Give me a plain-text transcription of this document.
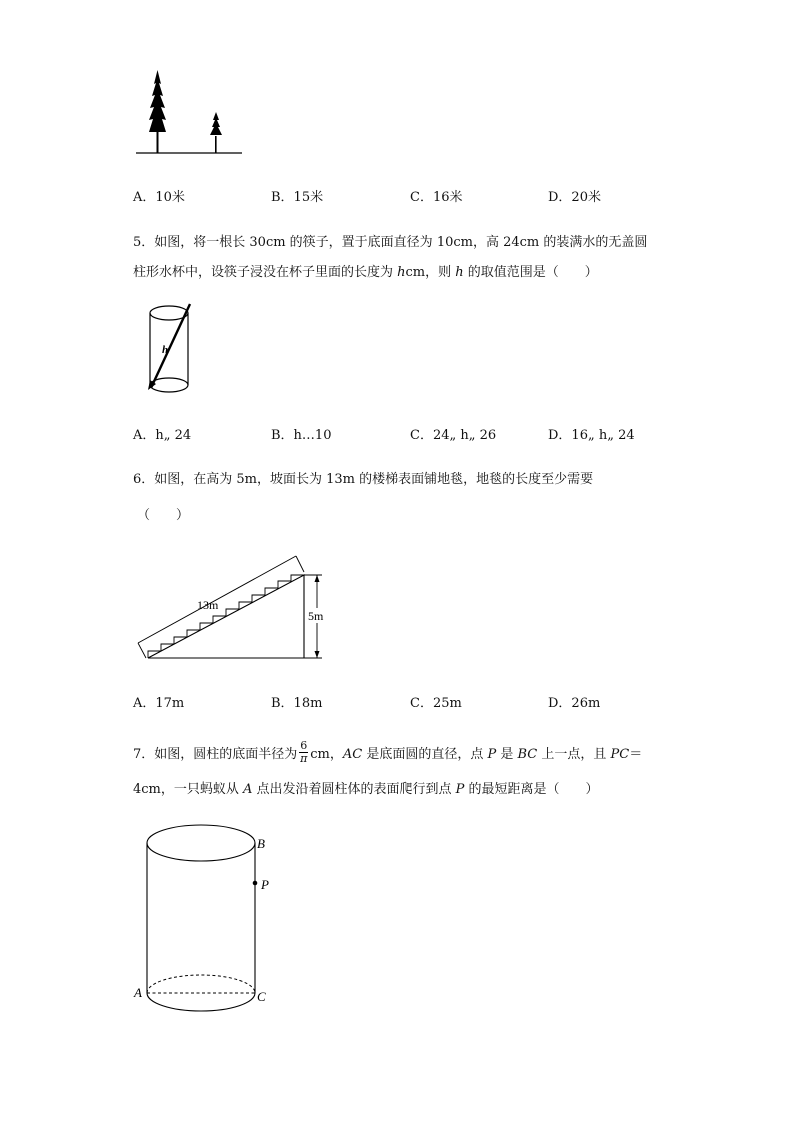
A．10米	B．15米	C．16米	D．20米
5．如图，将一根长 30cm 的筷子，置于底面直径为 10cm，高 24cm 的装满水的无盖圆
柱形水杯中，设筷子浸没在杯子里面的长度为 hcm，则 h 的取值范围是（　　）
h
A．h„ 24	B．h…10	C．24„ h„ 26	D．16„ h„ 24
6．如图，在高为 5m，坡面长为 13m 的楼梯表面铺地毯，地毯的长度至少需要
（　　）
13m
5m
A．17m	B．18m	C．25m	D．26m
7．如图，圆柱的底面半径为 $\frac{6}{\pi}$ cm，AC 是底面圆的直径，点 P 是 BC 上一点，且 PC＝
4cm，一只蚂蚁从 A 点出发沿着圆柱体的表面爬行到点 P 的最短距离是（　　）
B
P
A	C
